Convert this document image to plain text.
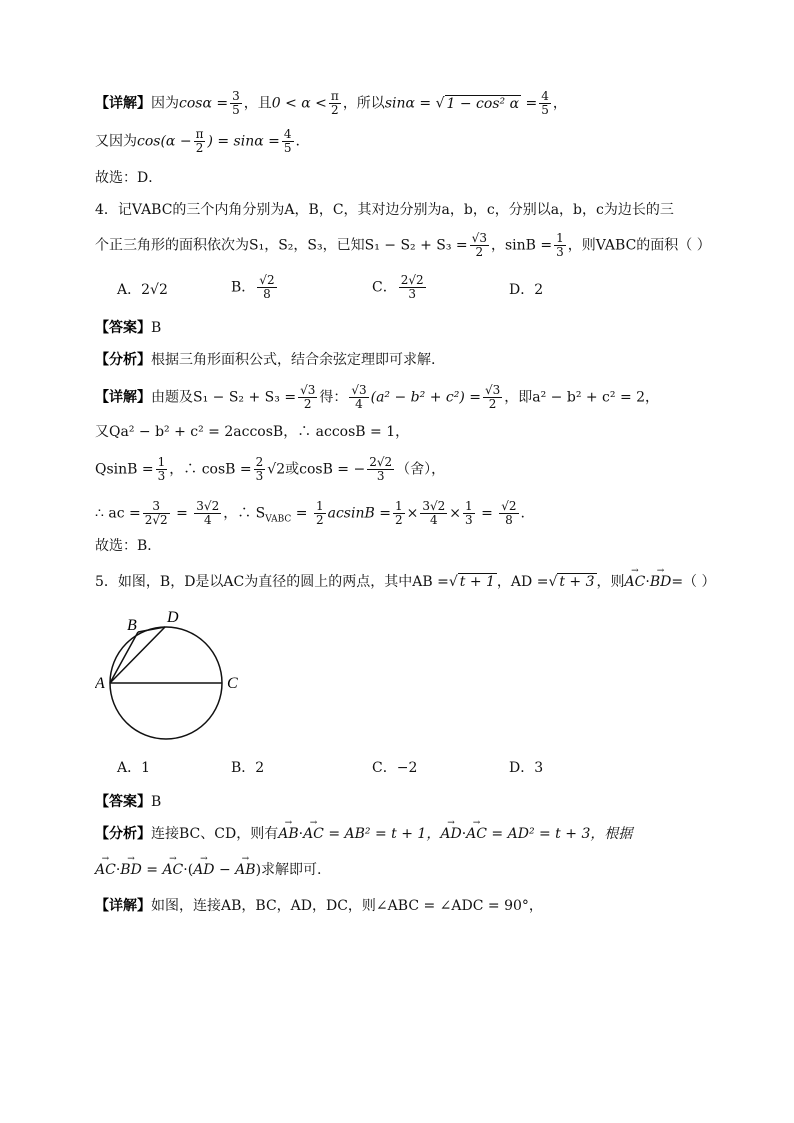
【详解】因为$\cos\alpha = \frac{3}{5}$ ，且$0 < \alpha < \frac{\pi}{2}$ ，所以sinα = √ 1 − cos² $\alpha = \frac{4}{5}$ ，
又因为$\cos(\alpha - \frac{\pi}{2}$ ) = $\sin\alpha = \frac{4}{5}$ .
故选：D．
4．记VABC的三个内角分别为A，B，C，其对边分别为a，b，c，分别以a，b，c为边长的三
个正三角形的面积依次为S₁，S₂，S₃，已知$S_1 - S_2 + S_3 = \frac{√3}{2}$ ，$\sin B = \frac{1}{3}$ ，则VABC的面积（ ）
A．2√2	B． $\frac{√2}{8}$	C． $\frac{2√2}{3}$	D．2
【答案】B
【分析】根据三角形面积公式，结合余弦定理即可求解.
【详解】由题及$S_1 - S_2 + S_3 = \frac{√3}{2}$ 得： $\frac{√3}{4} (a^2 - b^2 + c^2) = \frac{√3}{2}$ ，即a² − b² + c² = 2，
又Qa² − b² + c² = 2accosB，∴ accosB = 1，
$QsinB = \frac{1}{3}$ ，∴ $\cos B = \frac{2}{3} √2$或cosB = − $\frac{2√2}{3}$ （舍），
∴ ac = $\frac{3}{2√2} = \frac{3√2}{4}$ ，∴ $S_{VABC} = \frac{1}{2}$ $acsinB = \frac{1}{2} \times \frac{3√2}{4} \times \frac{1}{3} = \frac{√2}{8}$ .
故选：B．
5．如图，B，D是以AC为直径的圆上的两点，其中AB =√ t + 1 ，AD =√ t + 3 ，则→ AC·→ BD=（ ）
A
B D
C
A．1	B．2	C．−2	D．3
【答案】B
【分析】连接BC、CD，则有→ AB·→ AC = AB² = t + 1，→ AD·→ AC = AD² = t + 3，根据
→ AC·→ BD = → AC·(→ AD − → AB)求解即可.
【详解】如图，连接AB，BC，AD，DC，则∠ABC = ∠ADC = 90°，
